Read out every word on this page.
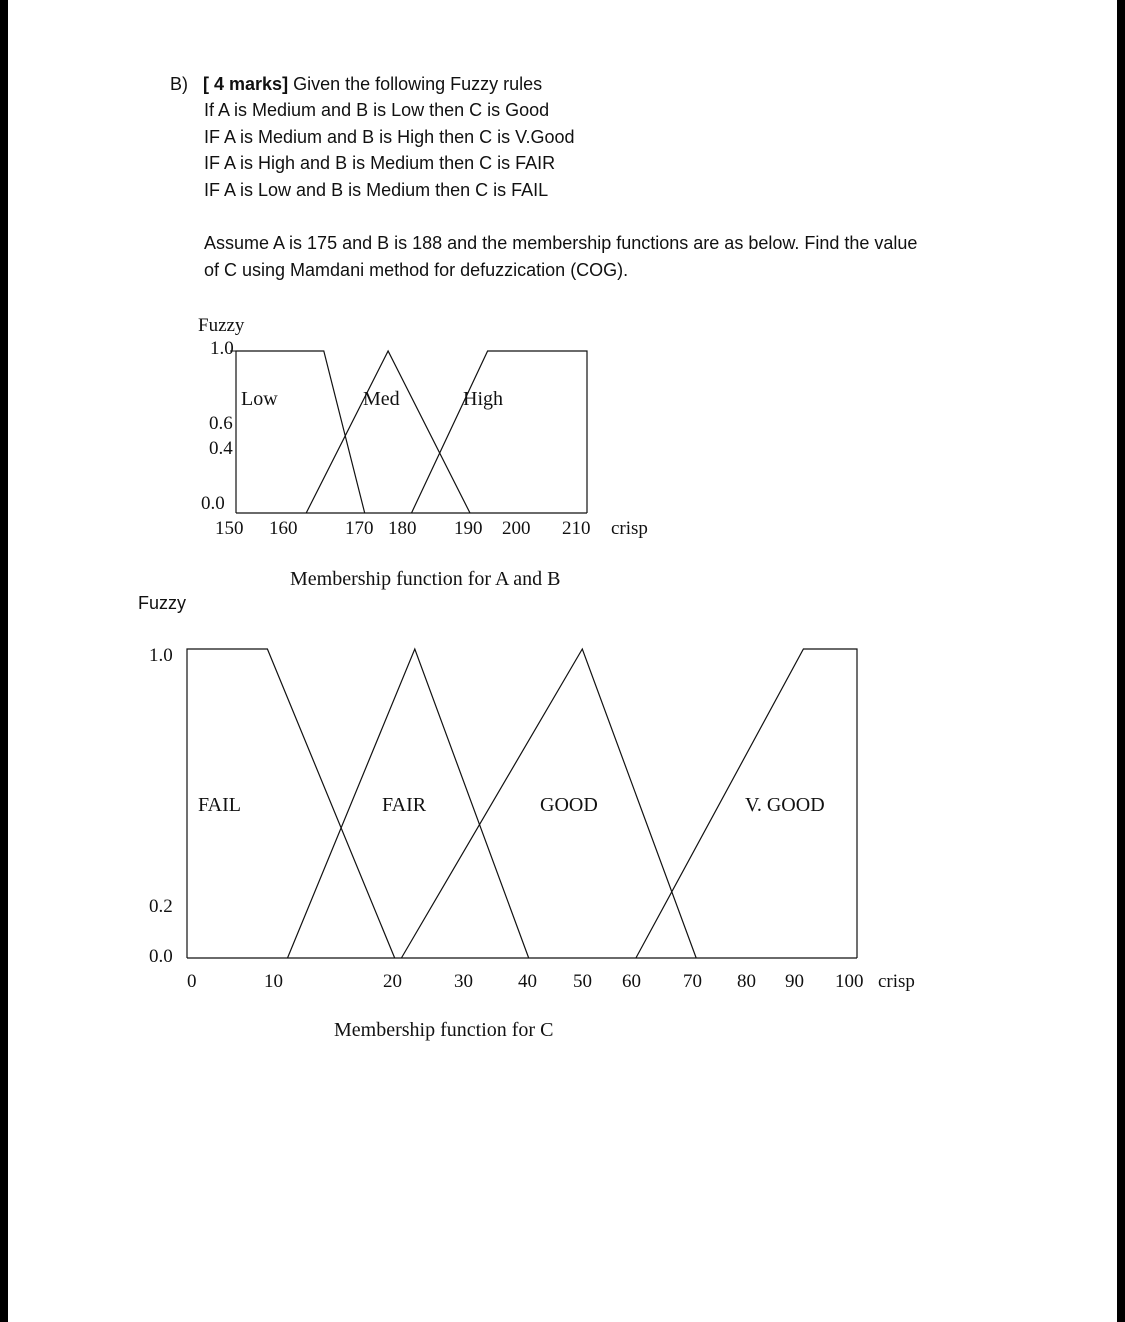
B) [ 4 marks] Given the following Fuzzy rules
If A is Medium and B is Low then C is Good
IF A is Medium and B is High then C is V.Good
IF A is High and B is Medium then C is FAIR
IF A is Low and B is Medium then C is FAIL
Assume A is 175 and B is 188 and the membership functions are as below. Find the value
of C using Mamdani method for defuzzication (COG).
Fuzzy
1.0
0.6
0.4
0.0
150 160	170 180 190 200 210
Low	Med	High
crisp
Membership function for A and B
Fuzzy
1.0
0.2
0.0
0	10	20	30 40 50 60 70 80 90 100
FAIL	FAIR	GOOD	V. GOOD
crisp
Membership function for C
